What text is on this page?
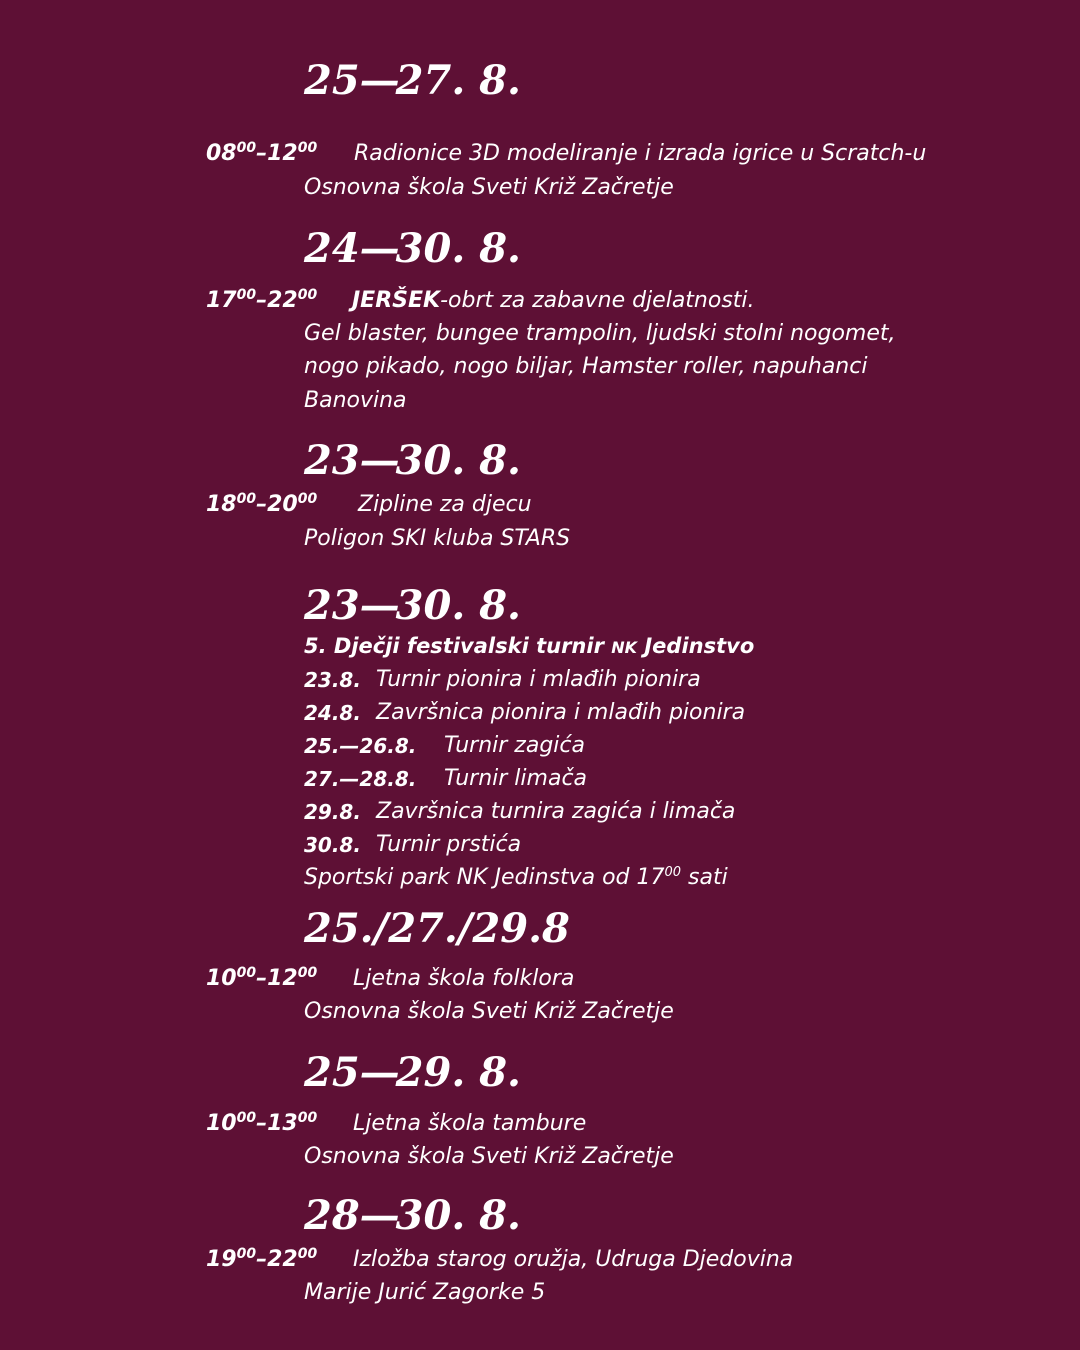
25—27. 8.
$08^{00}-12^{00}$ Radionice 3D modeliranje i izrada igrice u Scratch-u
Osnovna škola Sveti Križ Začretje
24—30. 8.
$17^{00}-22^{00}$ JERŠEK-obrt za zabavne djelatnosti.
Gel blaster, bungee trampolin, ljudski stolni nogomet,
nogo pikado, nogo biljar, Hamster roller, napuhanci
Banovina
23—30. 8.
$18^{00}-20^{00}$ Zipline za djecu
Poligon SKI kluba STARS
23—30. 8.
5. Dječji festivalski turnir NK Jedinstvo
23.8. Turnir pionira i mlađih pionira
24.8. Završnica pionira i mlađih pionira
25.—26.8. Turnir zagića
27.—28.8. Turnir limača
29.8. Završnica turnira zagića i limača
30.8. Turnir prstića
Sportski park NK Jedinstva od $17^{00}$ sati
25./27./29.8
$10^{00}-12^{00}$ Ljetna škola folklora
Osnovna škola Sveti Križ Začretje
25—29. 8.
$10^{00}-13^{00}$ Ljetna škola tambure
Osnovna škola Sveti Križ Začretje
28—30. 8.
$19^{00}-22^{00}$ Izložba starog oružja, Udruga Djedovina
Marije Jurić Zagorke 5
